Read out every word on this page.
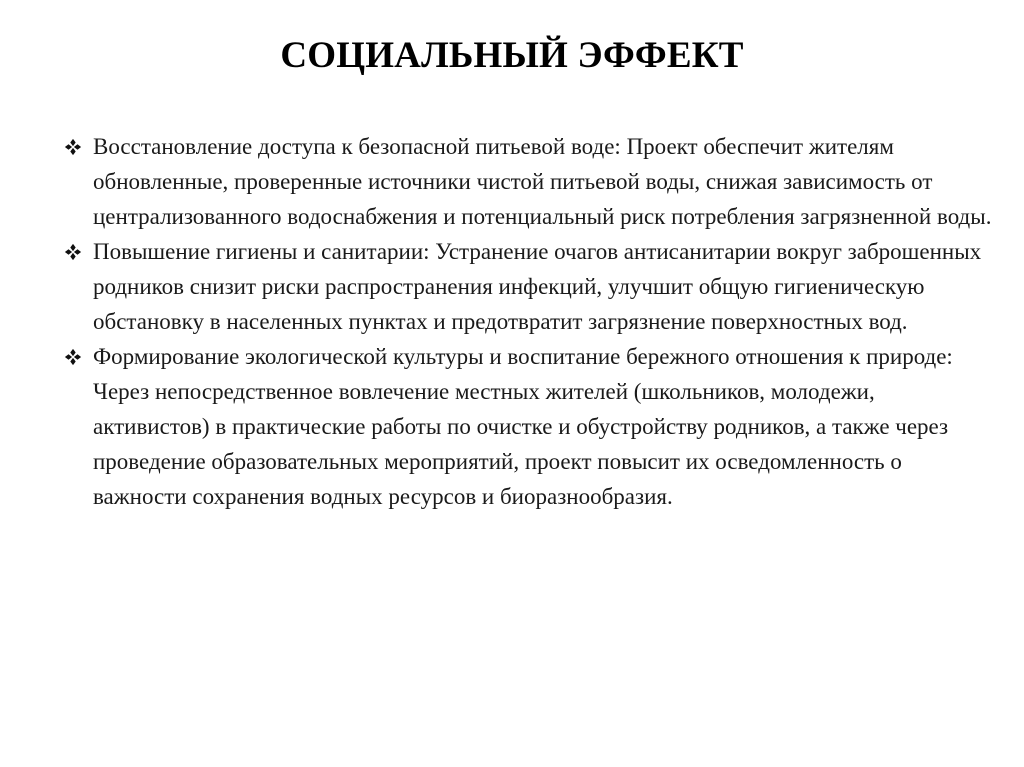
СОЦИАЛЬНЫЙ ЭФФЕКТ
Восстановление доступа к безопасной питьевой воде: Проект обеспечит жителям обновленные, проверенные источники чистой питьевой воды, снижая зависимость от централизованного водоснабжения и потенциальный риск потребления загрязненной воды.
Повышение гигиены и санитарии: Устранение очагов антисанитарии вокруг заброшенных родников снизит риски распространения инфекций, улучшит общую гигиеническую обстановку в населенных пунктах и предотвратит загрязнение поверхностных вод.
Формирование экологической культуры и воспитание бережного отношения к природе: Через непосредственное вовлечение местных жителей (школьников, молодежи, активистов) в практические работы по очистке и обустройству родников, а также через проведение образовательных мероприятий, проект повысит их осведомленность о важности сохранения водных ресурсов и биоразнообразия.
